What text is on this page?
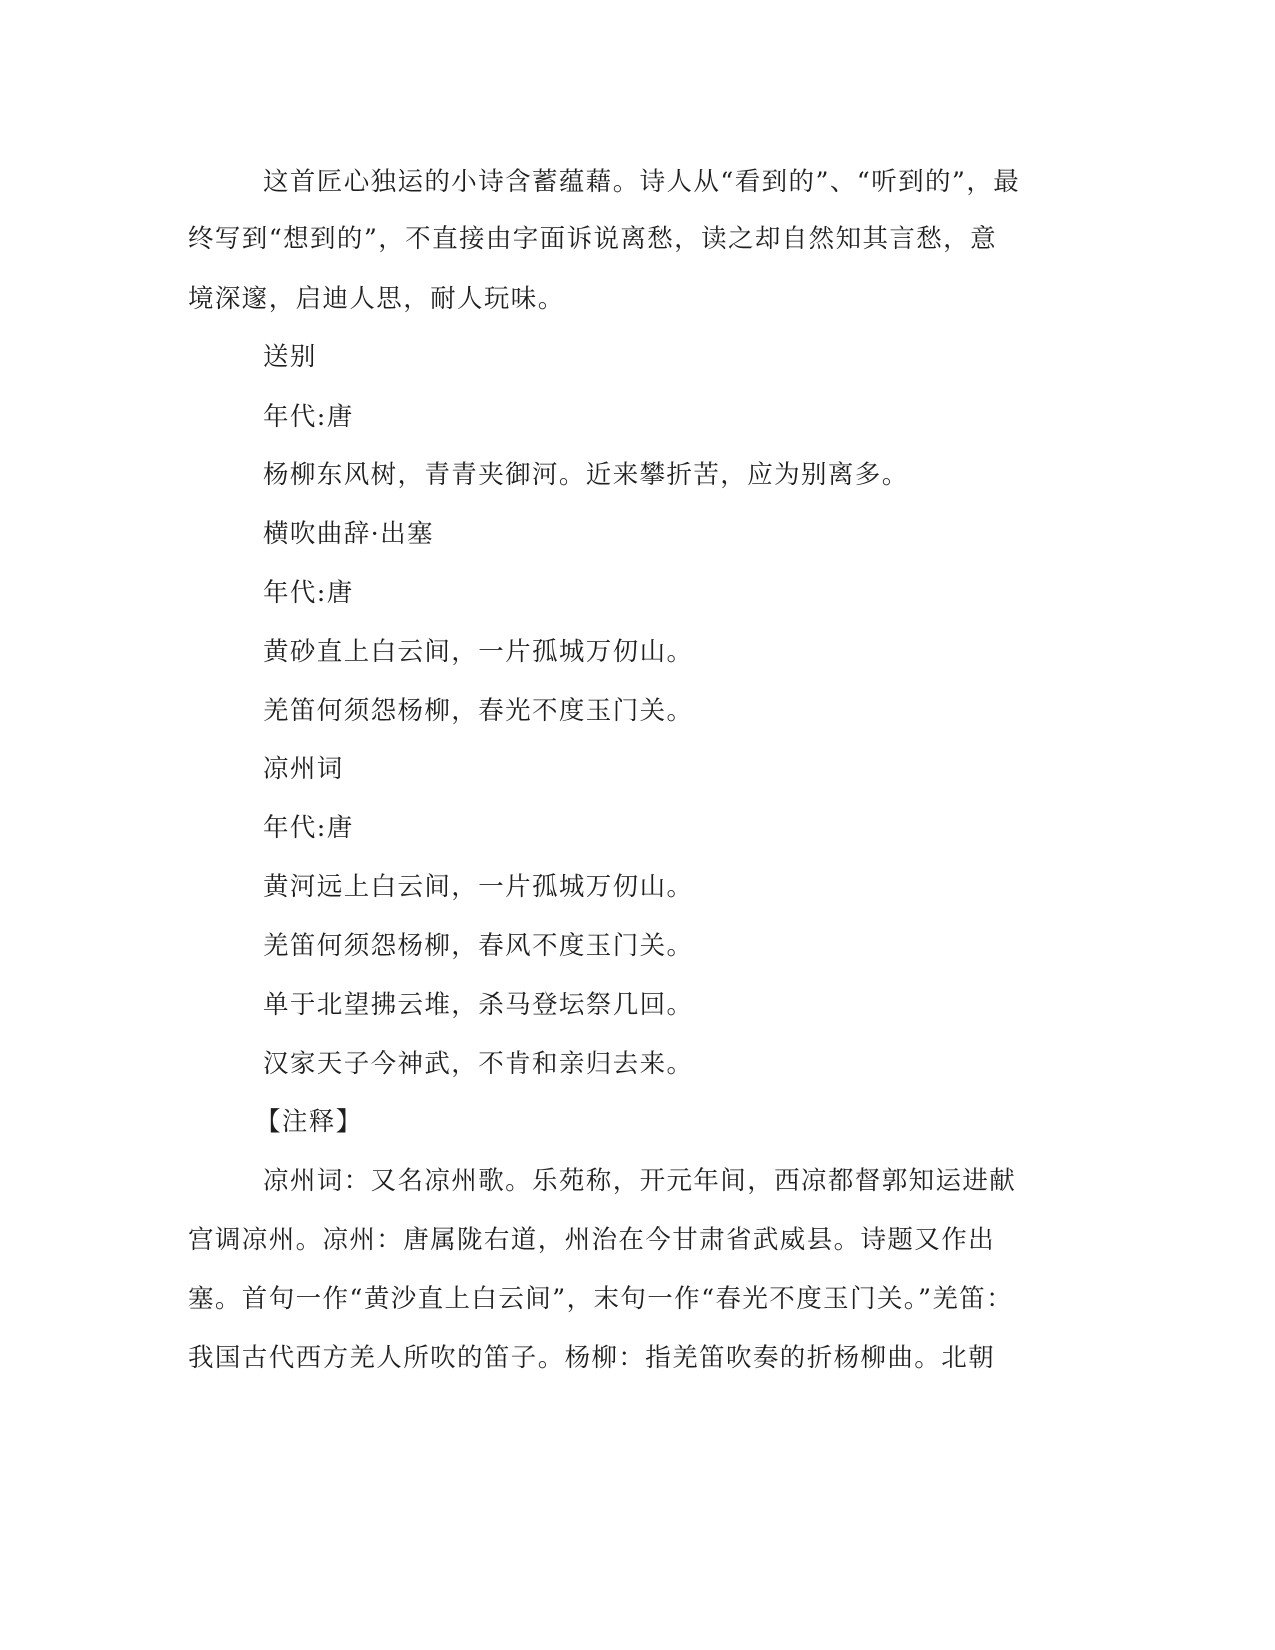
这首匠心独运的小诗含蓄蕴藉。诗人从“看到的”、“听到的”，最
终写到“想到的”，不直接由字面诉说离愁，读之却自然知其言愁，意
境深邃，启迪人思，耐人玩味。
送别
年代:唐
杨柳东风树，青青夹御河。近来攀折苦，应为别离多。
横吹曲辞·出塞
年代:唐
黄砂直上白云间，一片孤城万仞山。
羌笛何须怨杨柳，春光不度玉门关。
凉州词
年代:唐
黄河远上白云间，一片孤城万仞山。
羌笛何须怨杨柳，春风不度玉门关。
单于北望拂云堆，杀马登坛祭几回。
汉家天子今神武，不肯和亲归去来。
【注释】
凉州词：又名凉州歌。乐苑称，开元年间，西凉都督郭知运进献
宫调凉州。凉州：唐属陇右道，州治在今甘肃省武威县。诗题又作出
塞。首句一作“黄沙直上白云间”，末句一作“春光不度玉门关。”羌笛：
我国古代西方羌人所吹的笛子。杨柳：指羌笛吹奏的折杨柳曲。北朝
